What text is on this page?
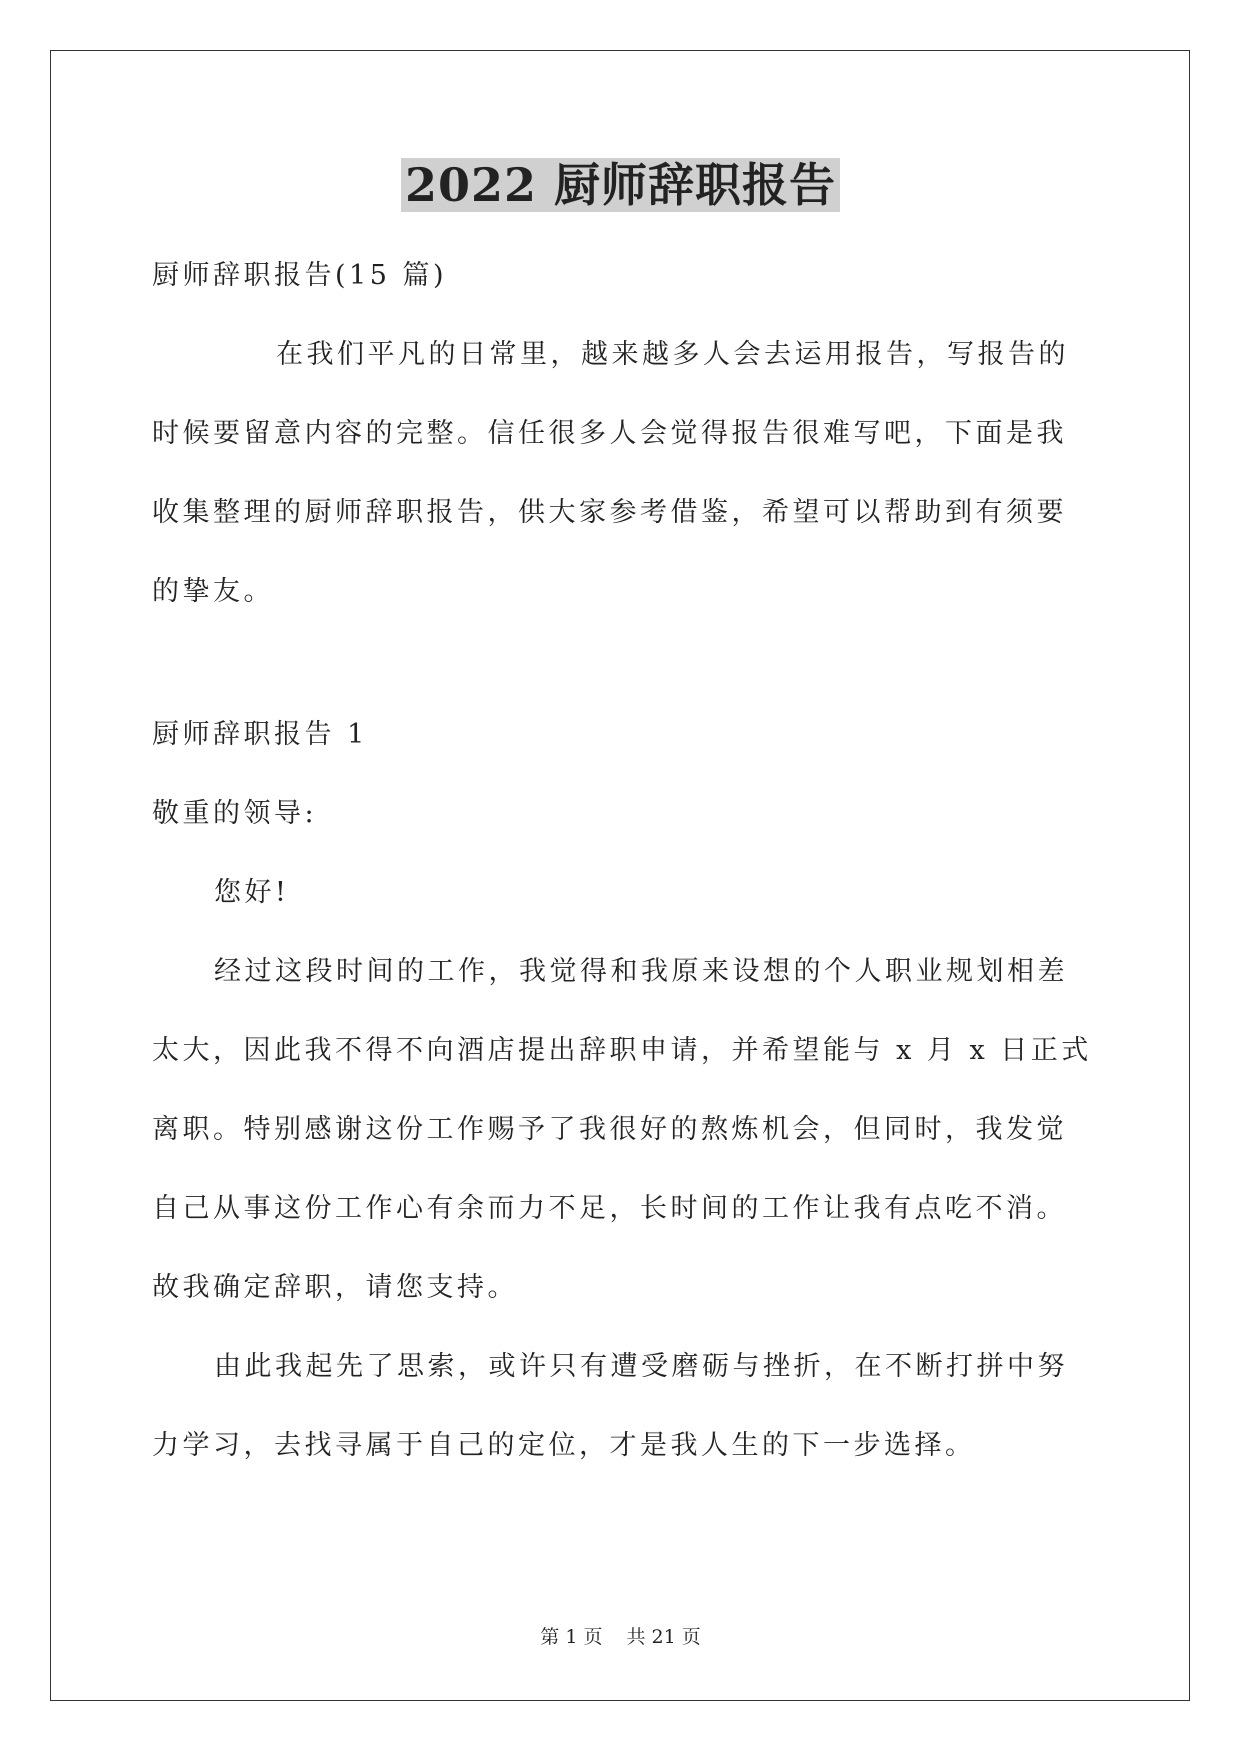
2022 厨师辞职报告

厨师辞职报告(15 篇)

在我们平凡的日常里，越来越多人会去运用报告，写报告的时候要留意内容的完整。信任很多人会觉得报告很难写吧，下面是我收集整理的厨师辞职报告，供大家参考借鉴，希望可以帮助到有须要的挚友。

厨师辞职报告 1

敬重的领导:

您好!

经过这段时间的工作，我觉得和我原来设想的个人职业规划相差太大，因此我不得不向酒店提出辞职申请，并希望能与 x 月 x 日正式离职。特别感谢这份工作赐予了我很好的熬炼机会，但同时，我发觉自己从事这份工作心有余而力不足，长时间的工作让我有点吃不消。故我确定辞职，请您支持。

由此我起先了思索，或许只有遭受磨砺与挫折，在不断打拼中努力学习，去找寻属于自己的定位，才是我人生的下一步选择。

第 1 页 共 21 页
